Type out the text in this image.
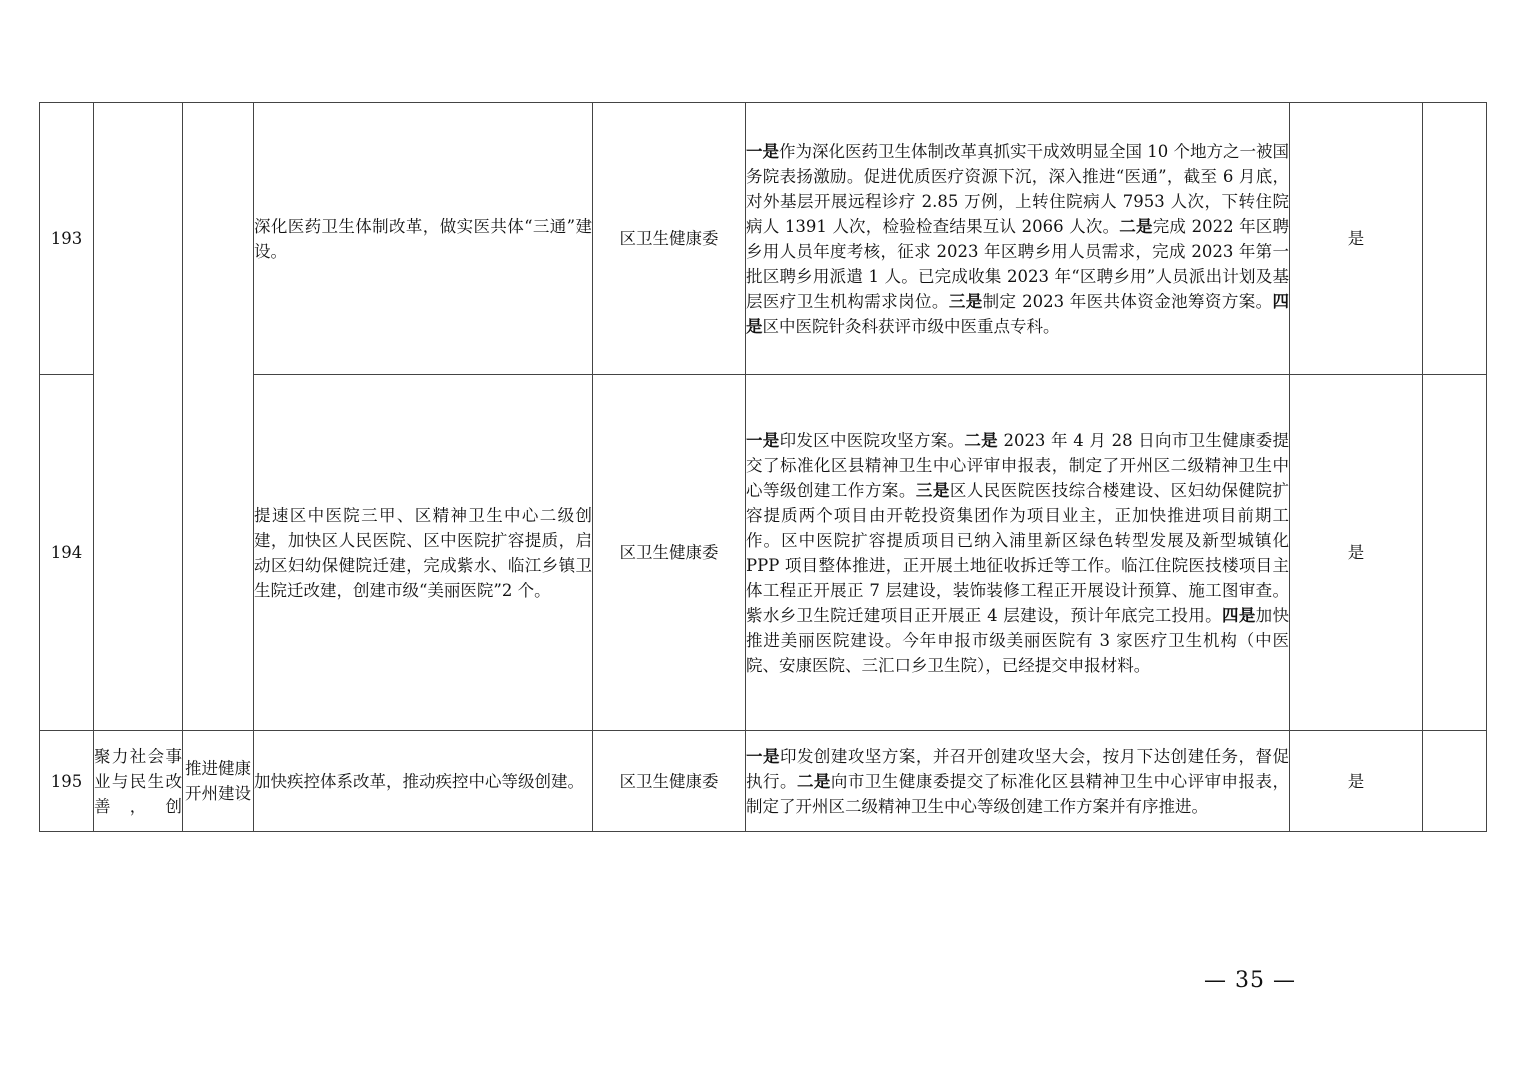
193			深化医药卫生体制改革，做实医共体“三通”建设。	区卫生健康委	一是作为深化医药卫生体制改革真抓实干成效明显全国 10 个地方之一被国务院表扬激励。促进优质医疗资源下沉，深入推进“医通”，截至 6 月底，对外基层开展远程诊疗 2.85 万例，上转住院病人 7953 人次，下转住院病人 1391 人次，检验检查结果互认 2066 人次。二是完成 2022 年区聘乡用人员年度考核，征求 2023 年区聘乡用人员需求，完成 2023 年第一批区聘乡用派遣 1 人。已完成收集 2023 年“区聘乡用”人员派出计划及基层医疗卫生机构需求岗位。三是制定 2023 年医共体资金池筹资方案。四是区中医院针灸科获评市级中医重点专科。	是	
194			提速区中医院三甲、区精神卫生中心二级创建，加快区人民医院、区中医院扩容提质，启动区妇幼保健院迁建，完成紫水、临江乡镇卫生院迁改建，创建市级“美丽医院”2 个。	区卫生健康委	一是印发区中医院攻坚方案。二是 2023 年 4 月 28 日向市卫生健康委提交了标准化区县精神卫生中心评审申报表，制定了开州区二级精神卫生中心等级创建工作方案。三是区人民医院医技综合楼建设、区妇幼保健院扩容提质两个项目由开乾投资集团作为项目业主，正加快推进项目前期工作。区中医院扩容提质项目已纳入浦里新区绿色转型发展及新型城镇化 PPP 项目整体推进，正开展土地征收拆迁等工作。临江住院医技楼项目主体工程正开展正 7 层建设，装饰装修工程正开展设计预算、施工图审查。紫水乡卫生院迁建项目正开展正 4 层建设，预计年底完工投用。四是加快推进美丽医院建设。今年申报市级美丽医院有 3 家医疗卫生机构（中医院、安康医院、三汇口乡卫生院），已经提交申报材料。	是	
195	聚力社会事业与民生改善，创	推进健康开州建设	加快疾控体系改革，推动疾控中心等级创建。	区卫生健康委	一是印发创建攻坚方案，并召开创建攻坚大会，按月下达创建任务，督促执行。二是向市卫生健康委提交了标准化区县精神卫生中心评审申报表，制定了开州区二级精神卫生中心等级创建工作方案并有序推进。	是	
— 35 —
